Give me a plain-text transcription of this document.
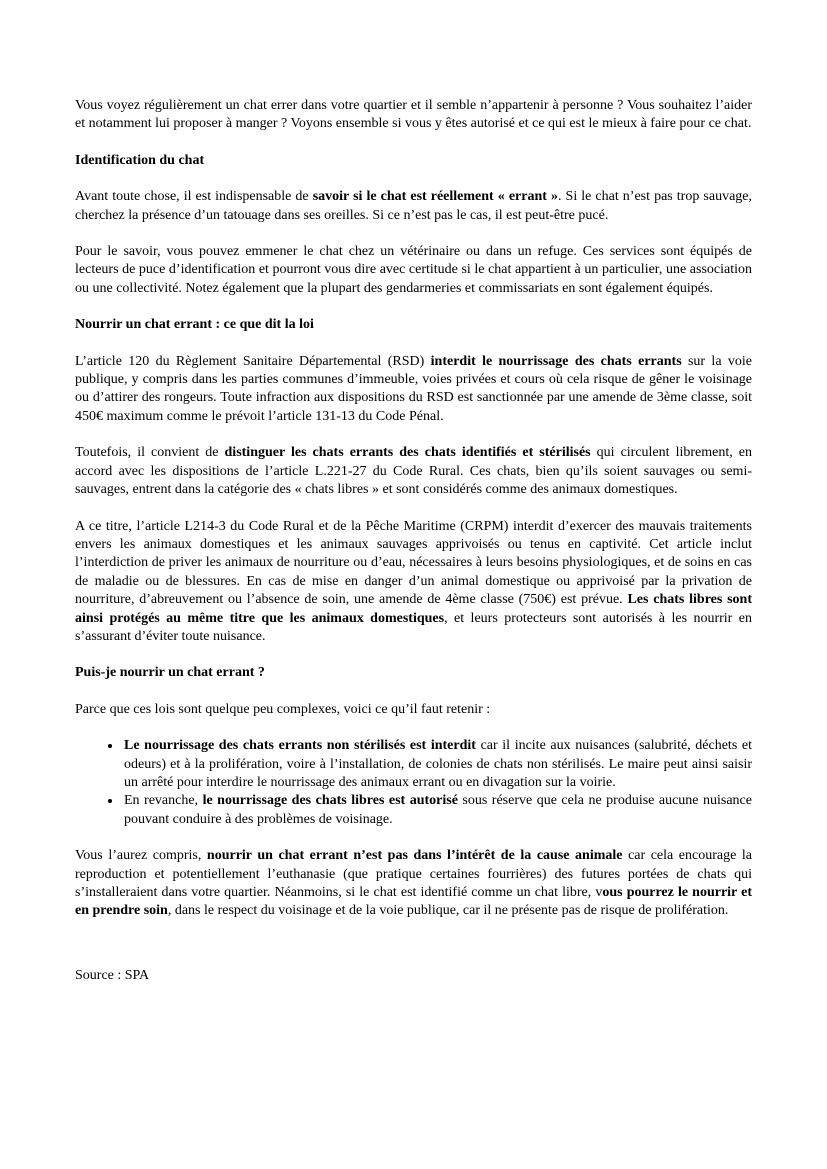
Vous voyez régulièrement un chat errer dans votre quartier et il semble n’appartenir à personne ? Vous souhaitez l’aider et notamment lui proposer à manger ? Voyons ensemble si vous y êtes autorisé et ce qui est le mieux à faire pour ce chat.

Identification du chat

Avant toute chose, il est indispensable de savoir si le chat est réellement « errant ». Si le chat n’est pas trop sauvage, cherchez la présence d’un tatouage dans ses oreilles. Si ce n’est pas le cas, il est peut-être pucé.

Pour le savoir, vous pouvez emmener le chat chez un vétérinaire ou dans un refuge. Ces services sont équipés de lecteurs de puce d’identification et pourront vous dire avec certitude si le chat appartient à un particulier, une association ou une collectivité. Notez également que la plupart des gendarmeries et commissariats en sont également équipés.

Nourrir un chat errant : ce que dit la loi

L’article 120 du Règlement Sanitaire Départemental (RSD) interdit le nourrissage des chats errants sur la voie publique, y compris dans les parties communes d’immeuble, voies privées et cours où cela risque de gêner le voisinage ou d’attirer des rongeurs. Toute infraction aux dispositions du RSD est sanctionnée par une amende de 3ème classe, soit 450€ maximum comme le prévoit l’article 131-13 du Code Pénal.

Toutefois, il convient de distinguer les chats errants des chats identifiés et stérilisés qui circulent librement, en accord avec les dispositions de l’article L.221-27 du Code Rural. Ces chats, bien qu’ils soient sauvages ou semi-sauvages, entrent dans la catégorie des « chats libres » et sont considérés comme des animaux domestiques.

A ce titre, l’article L214-3 du Code Rural et de la Pêche Maritime (CRPM) interdit d’exercer des mauvais traitements envers les animaux domestiques et les animaux sauvages apprivoisés ou tenus en captivité. Cet article inclut l’interdiction de priver les animaux de nourriture ou d’eau, nécessaires à leurs besoins physiologiques, et de soins en cas de maladie ou de blessures. En cas de mise en danger d’un animal domestique ou apprivoisé par la privation de nourriture, d’abreuvement ou l’absence de soin, une amende de 4ème classe (750€) est prévue. Les chats libres sont ainsi protégés au même titre que les animaux domestiques, et leurs protecteurs sont autorisés à les nourrir en s’assurant d’éviter toute nuisance.

Puis-je nourrir un chat errant ?

Parce que ces lois sont quelque peu complexes, voici ce qu’il faut retenir :

• Le nourrissage des chats errants non stérilisés est interdit car il incite aux nuisances (salubrité, déchets et odeurs) et à la prolifération, voire à l’installation, de colonies de chats non stérilisés. Le maire peut ainsi saisir un arrêté pour interdire le nourrissage des animaux errant ou en divagation sur la voirie.
• En revanche, le nourrissage des chats libres est autorisé sous réserve que cela ne produise aucune nuisance pouvant conduire à des problèmes de voisinage.

Vous l’aurez compris, nourrir un chat errant n’est pas dans l’intérêt de la cause animale car cela encourage la reproduction et potentiellement l’euthanasie (que pratique certaines fourrières) des futures portées de chats qui s’installeraient dans votre quartier. Néanmoins, si le chat est identifié comme un chat libre, vous pourrez le nourrir et en prendre soin, dans le respect du voisinage et de la voie publique, car il ne présente pas de risque de prolifération.

Source : SPA
